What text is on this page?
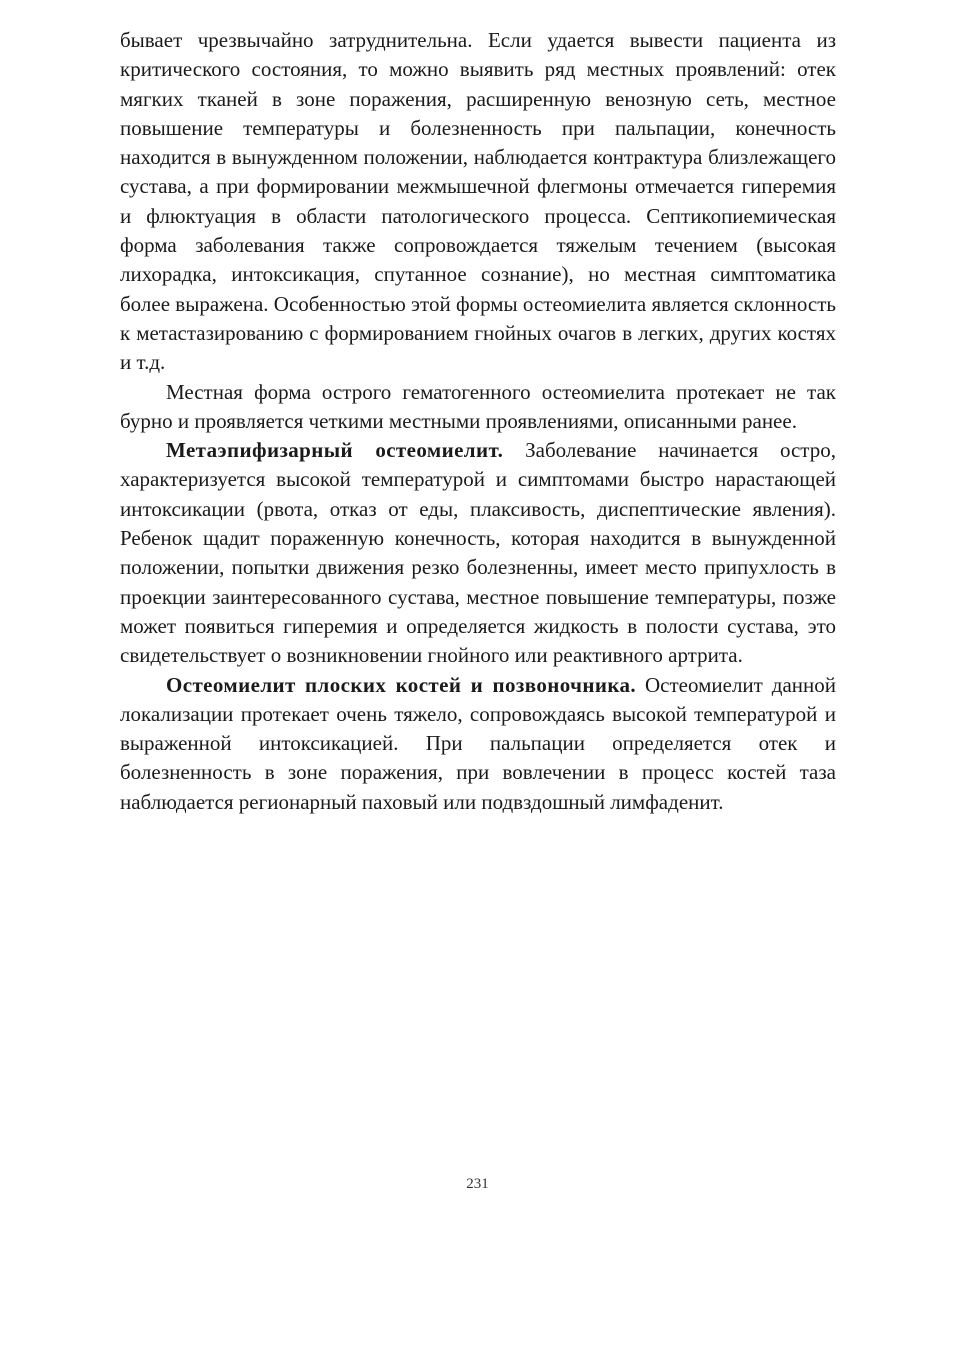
бывает чрезвычайно затруднительна. Если удается вывести пациента из критического состояния, то можно выявить ряд местных проявлений: отек мягких тканей в зоне поражения, расширенную венозную сеть, местное повышение температуры и болезненность при пальпации, конечность находится в вынужденном положении, наблюдается контрактура близлежащего сустава, а при формировании межмышечной флегмоны отмечается гиперемия и флюктуация в области патологического процесса. Септикопиемическая форма заболевания также сопровождается тяжелым течением (высокая лихорадка, интоксикация, спутанное сознание), но местная симптоматика более выражена. Особенностью этой формы остеомиелита является склонность к метастазированию с формированием гнойных очагов в легких, других костях и т.д.

Местная форма острого гематогенного остеомиелита протекает не так бурно и проявляется четкими местными проявлениями, описанными ранее.

Метаэпифизарный остеомиелит. Заболевание начинается остро, характеризуется высокой температурой и симптомами быстро нарастающей интоксикации (рвота, отказ от еды, плаксивость, диспептические явления). Ребенок щадит пораженную конечность, которая находится в вынужденной положении, попытки движения резко болезненны, имеет место припухлость в проекции заинтересованного сустава, местное повышение температуры, позже может появиться гиперемия и определяется жидкость в полости сустава, это свидетельствует о возникновении гнойного или реактивного артрита.

Остеомиелит плоских костей и позвоночника. Остеомиелит данной локализации протекает очень тяжело, сопровождаясь высокой температурой и выраженной интоксикацией. При пальпации определяется отек и болезненность в зоне поражения, при вовлечении в процесс костей таза наблюдается регионарный паховый или подвздошный лимфаденит.

231
